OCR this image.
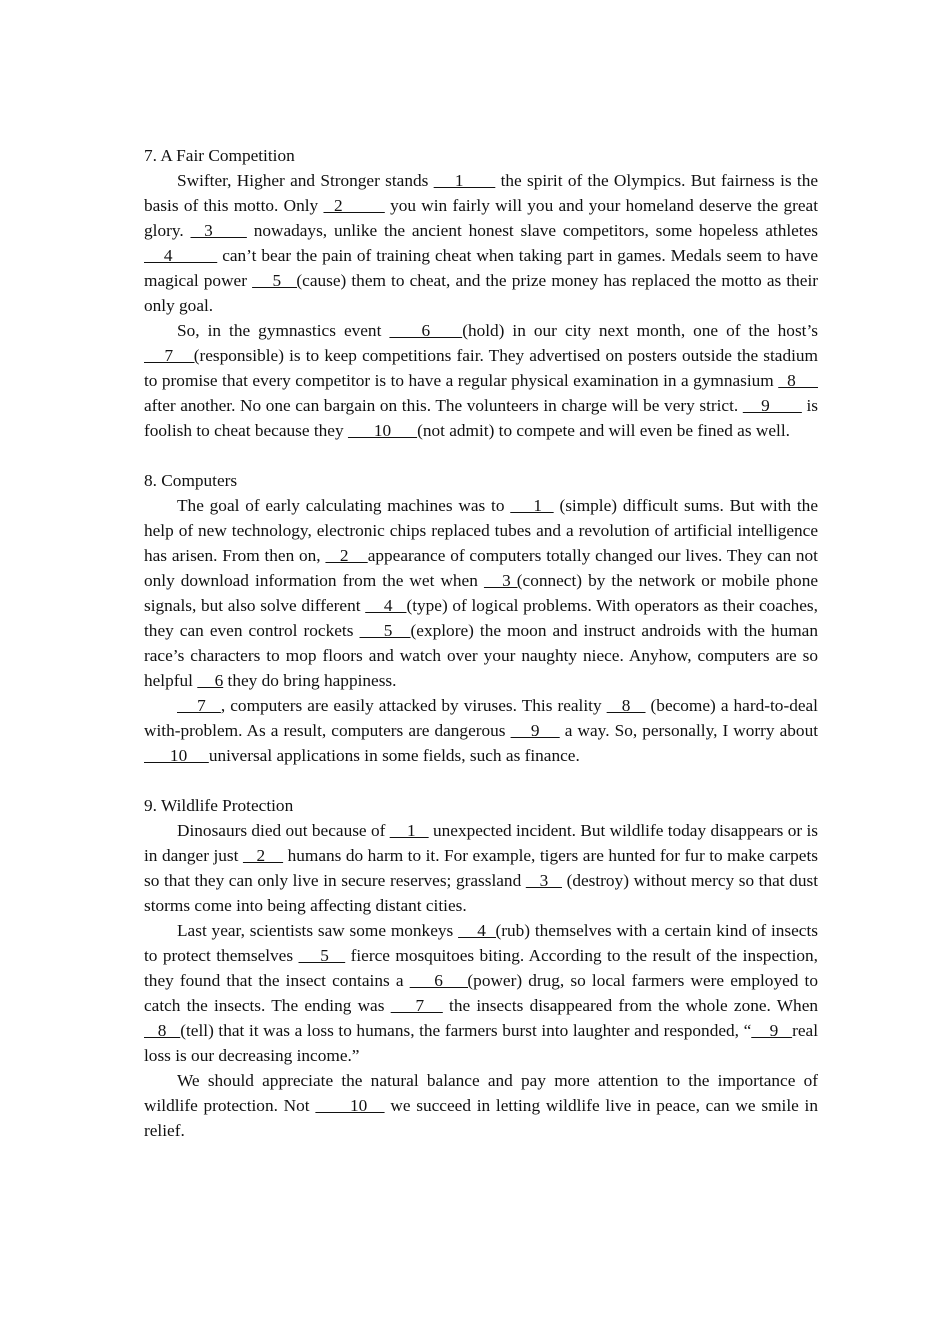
7. A Fair Competition

Swifter, Higher and Stronger stands     1       the spirit of the Olympics. But fairness is the basis of this motto. Only   2         you win fairly will you and your homeland deserve the great glory.   3      nowadays, unlike the ancient honest slave competitors, some hopeless athletes     4          can’t bear the pain of training cheat when taking part in games. Medals seem to have magical power     5   (cause) them to cheat, and the prize money has replaced the motto as their only goal.

So, in the gymnastics event     6    (hold) in our city next month, one of the host’s     7    (responsible) is to keep competitions fair. They advertised on posters outside the stadium to promise that every competitor is to have a regular physical examination in a gymnasium   8      after another. No one can bargain on this. The volunteers in charge will be very strict.     9        is foolish to cheat because they       10      (not admit) to compete and will even be fined as well.

8. Computers

The goal of early calculating machines was to     1   (simple) difficult sums. But with the help of new technology, electronic chips replaced tubes and a revolution of artificial intelligence has arisen. From then on,    2    appearance of computers totally changed our lives. They can not only download information from the wet when    3 (connect) by the network or mobile phone signals, but also solve different     4   (type) of logical problems. With operators as their coaches, they can even control rockets     5   (explore) the moon and instruct androids with the human race’s characters to mop floors and watch over your naughty niece. Anyhow, computers are so helpful     6 they do bring happiness.

7   , computers are easily attacked by viruses. This reality    8    (become) a hard-to-deal with-problem. As a result, computers are dangerous     9     a way. So, personally, I worry about       10     universal applications in some fields, such as finance.

9. Wildlife Protection

Dinosaurs died out because of     1    unexpected incident. But wildlife today disappears or is in danger just    2     humans do harm to it. For example, tigers are hunted for fur to make carpets so that they can only live in secure reserves; grassland    3    (destroy) without mercy so that dust storms come into being affecting distant cities.

Last year, scientists saw some monkeys     4  (rub) themselves with a certain kind of insects to protect themselves     5    fierce mosquitoes biting. According to the result of the inspection, they found that the insect contains a     6    (power) drug, so local farmers were employed to catch the insects. The ending was     7    the insects disappeared from the whole zone. When    8   (tell) that it was a loss to humans, the farmers burst into laughter and responded, “    9   real loss is our decreasing income.”

We should appreciate the natural balance and pay more attention to the importance of wildlife protection. Not       10    we succeed in letting wildlife live in peace, can we smile in relief.
